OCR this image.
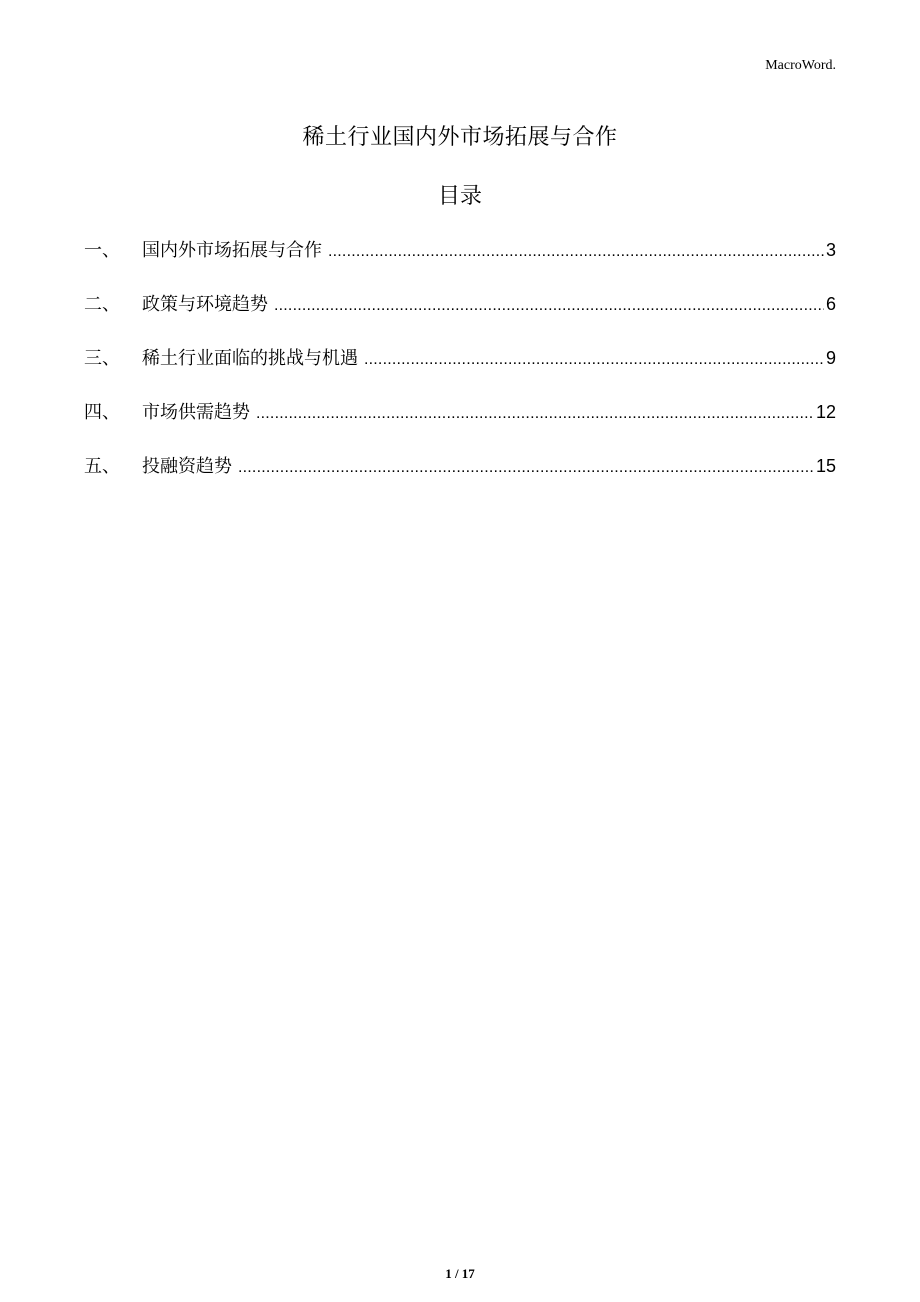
MacroWord.
稀土行业国内外市场拓展与合作
目录
一、	国内外市场拓展与合作 .....	3
二、	政策与环境趋势 .....	6
三、	稀土行业面临的挑战与机遇 .....	9
四、	市场供需趋势 .....	12
五、	投融资趋势 .....	15
1 / 17
